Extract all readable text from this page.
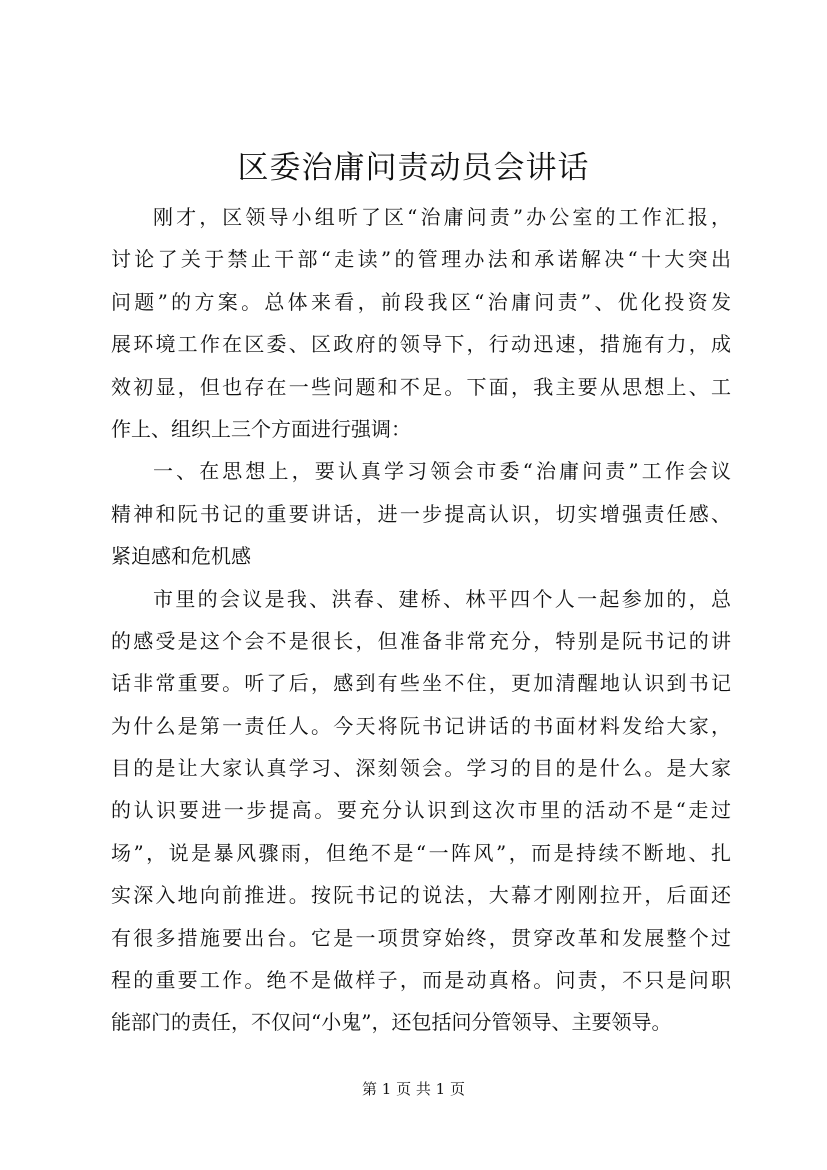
区委治庸问责动员会讲话
刚才，区领导小组听了区“治庸问责”办公室的工作汇报，
讨论了关于禁止干部“走读”的管理办法和承诺解决“十大突出
问题”的方案。总体来看，前段我区“治庸问责”、优化投资发
展环境工作在区委、区政府的领导下，行动迅速，措施有力，成
效初显，但也存在一些问题和不足。下面，我主要从思想上、工
作上、组织上三个方面进行强调：
一、在思想上，要认真学习领会市委“治庸问责”工作会议
精神和阮书记的重要讲话，进一步提高认识，切实增强责任感、
紧迫感和危机感
市里的会议是我、洪春、建桥、林平四个人一起参加的，总
的感受是这个会不是很长，但准备非常充分，特别是阮书记的讲
话非常重要。听了后，感到有些坐不住，更加清醒地认识到书记
为什么是第一责任人。今天将阮书记讲话的书面材料发给大家，
目的是让大家认真学习、深刻领会。学习的目的是什么。是大家
的认识要进一步提高。要充分认识到这次市里的活动不是“走过
场”，说是暴风骤雨，但绝不是“一阵风”，而是持续不断地、扎
实深入地向前推进。按阮书记的说法，大幕才刚刚拉开，后面还
有很多措施要出台。它是一项贯穿始终，贯穿改革和发展整个过
程的重要工作。绝不是做样子，而是动真格。问责，不只是问职
能部门的责任，不仅问“小鬼”，还包括问分管领导、主要领导。
第 1 页 共 1 页
